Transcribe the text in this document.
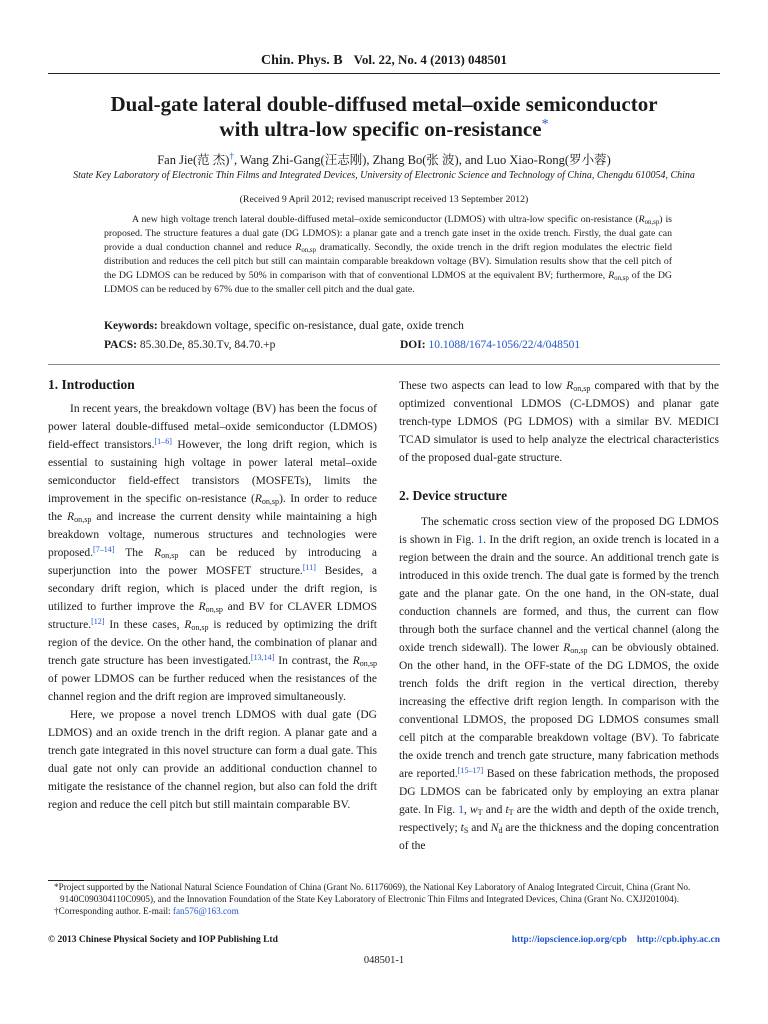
Chin. Phys. B Vol. 22, No. 4 (2013) 048501
Dual-gate lateral double-diffused metal–oxide semiconductor
with ultra-low specific on-resistance*
Fan Jie(范 杰)†, Wang Zhi-Gang(汪志刚), Zhang Bo(张 波), and Luo Xiao-Rong(罗小蓉)
State Key Laboratory of Electronic Thin Films and Integrated Devices, University of Electronic Science and Technology of China, Chengdu 610054, China
(Received 9 April 2012; revised manuscript received 13 September 2012)
A new high voltage trench lateral double-diffused metal–oxide semiconductor (LDMOS) with ultra-low specific on-resistance $(R_{on,sp})$ is proposed. The structure features a dual gate (DG LDMOS): a planar gate and a trench gate inset in the oxide trench. Firstly, the dual gate can provide a dual conduction channel and reduce $R_{on,sp}$ dramatically. Secondly, the oxide trench in the drift region modulates the electric field distribution and reduces the cell pitch but still can maintain comparable breakdown voltage (BV). Simulation results show that the cell pitch of the DG LDMOS can be reduced by 50% in comparison with that of conventional LDMOS at the equivalent BV; furthermore, $R_{on,sp}$ of the DG LDMOS can be reduced by 67% due to the smaller cell pitch and the dual gate.
Keywords: breakdown voltage, specific on-resistance, dual gate, oxide trench
PACS: 85.30.De, 85.30.Tv, 84.70.+p	DOI: 10.1088/1674-1056/22/4/048501
1. Introduction

In recent years, the breakdown voltage (BV) has been the focus of power lateral double-diffused metal–oxide semiconductor (LDMOS) field-effect transistors.[1–6] However, the long drift region, which is essential to sustaining high voltage in power lateral metal–oxide semiconductor field-effect transistors (MOSFETs), limits the improvement in the specific on-resistance $(R_{on,sp})$. In order to reduce the $R_{on,sp}$ and increase the current density while maintaining a high breakdown voltage, numerous structures and technologies were proposed.[7–14] The $R_{on,sp}$ can be reduced by introducing a superjunction into the power MOSFET structure.[11] Besides, a secondary drift region, which is placed under the drift region, is utilized to further improve the $R_{on,sp}$ and BV for CLAVER LDMOS structure.[12] In these cases, $R_{on,sp}$ is reduced by optimizing the drift region of the device. On the other hand, the combination of planar and trench gate structure has been investigated.[13,14] In contrast, the $R_{on,sp}$ of power LDMOS can be further reduced when the resistances of the channel region and the drift region are improved simultaneously.

Here, we propose a novel trench LDMOS with dual gate (DG LDMOS) and an oxide trench in the drift region. A planar gate and a trench gate integrated in this novel structure can form a dual gate. This dual gate not only can provide an additional conduction channel to mitigate the resistance of the channel region, but also can fold the drift region and reduce the cell pitch but still maintain comparable BV.

These two aspects can lead to low $R_{on,sp}$ compared with that by the optimized conventional LDMOS (C-LDMOS) and planar gate trench-type LDMOS (PG LDMOS) with a similar BV. MEDICI TCAD simulator is used to help analyze the electrical characteristics of the proposed dual-gate structure.

2. Device structure

The schematic cross section view of the proposed DG LDMOS is shown in Fig. 1. In the drift region, an oxide trench is located in a region between the drain and the source. An additional trench gate is introduced in this oxide trench. The dual gate is formed by the trench gate and the planar gate. On the one hand, in the ON-state, dual conduction channels are formed, and thus, the current can flow through both the surface channel and the vertical channel (along the oxide trench sidewall). The lower $R_{on,sp}$ can be obviously obtained. On the other hand, in the OFF-state of the DG LDMOS, the oxide trench folds the drift region in the vertical direction, thereby increasing the effective drift region length. In comparison with the conventional LDMOS, the proposed DG LDMOS consumes small cell pitch at the comparable breakdown voltage (BV). To fabricate the oxide trench and trench gate structure, many fabrication methods are reported.[15–17] Based on these fabrication methods, the proposed DG LDMOS can be fabricated only by employing an extra planar gate. In Fig. 1, $w_T$ and $t_T$ are the width and depth of the oxide trench, respectively; $t_S$ and $N_d$ are the thickness and the doping concentration of the

*Project supported by the National Natural Science Foundation of China (Grant No. 61176069), the National Key Laboratory of Analog Integrated Circuit, China (Grant No. 9140C090304110C0905), and the Innovation Foundation of the State Key Laboratory of Electronic Thin Films and Integrated Devices, China (Grant No. CXJJ201004).

†Corresponding author. E-mail: fan576@163.com

© 2013 Chinese Physical Society and IOP Publishing Ltd	http://iopscience.iop.org/cpb http://cpb.iphy.ac.cn
048501-1
